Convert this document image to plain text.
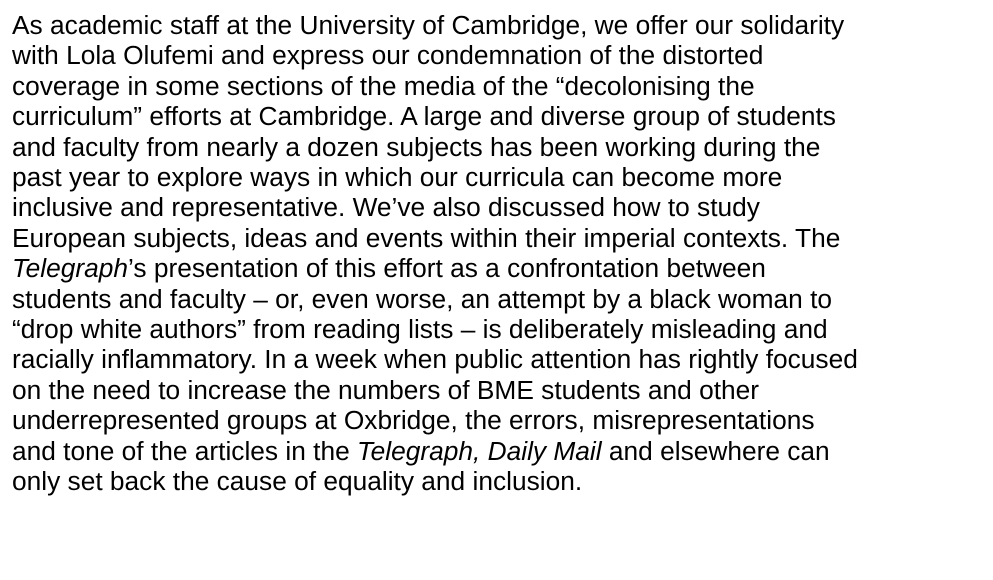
As academic staff at the University of Cambridge, we offer our solidarity
with Lola Olufemi and express our condemnation of the distorted
coverage in some sections of the media of the “decolonising the
curriculum” efforts at Cambridge. A large and diverse group of students
and faculty from nearly a dozen subjects has been working during the
past year to explore ways in which our curricula can become more
inclusive and representative. We’ve also discussed how to study
European subjects, ideas and events within their imperial contexts. The
Telegraph’s presentation of this effort as a confrontation between
students and faculty – or, even worse, an attempt by a black woman to
“drop white authors” from reading lists – is deliberately misleading and
racially inflammatory. In a week when public attention has rightly focused
on the need to increase the numbers of BME students and other
underrepresented groups at Oxbridge, the errors, misrepresentations
and tone of the articles in the Telegraph, Daily Mail and elsewhere can
only set back the cause of equality and inclusion.
